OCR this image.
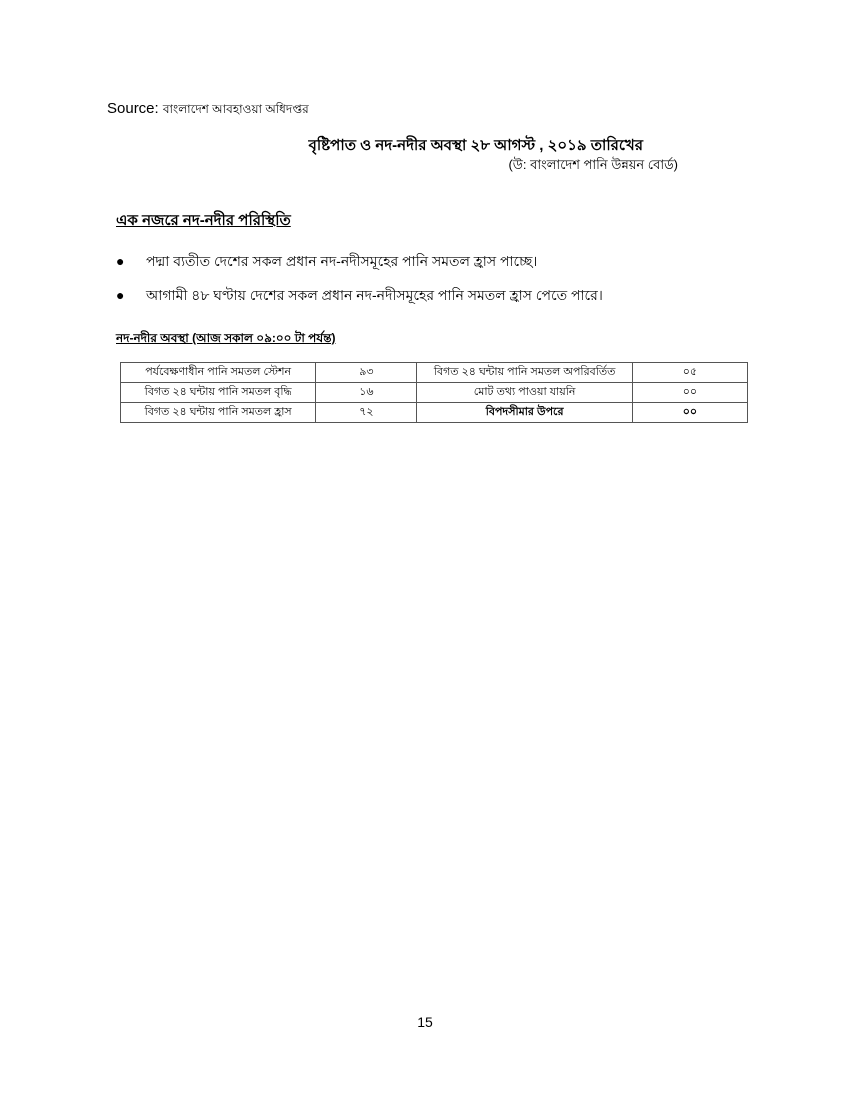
Source: বাংলাদেশ আবহাওয়া অধিদপ্তর
বৃষ্টিপাত ও নদ-নদীর অবস্থা ২৮ আগস্ট , ২০১৯ তারিখের
(উ: বাংলাদেশ পানি উন্নয়ন বোর্ড)
এক নজরে নদ-নদীর পরিস্থিতি
● পদ্মা ব্যতীত দেশের সকল প্রধান নদ-নদীসমূহের পানি সমতল হ্রাস পাচ্ছে।
● আগামী ৪৮ ঘণ্টায় দেশের সকল প্রধান নদ-নদীসমূহের পানি সমতল হ্রাস পেতে পারে।
নদ-নদীর অবস্থা (আজ সকাল ০৯:০০ টা পর্যন্ত)
পর্যবেক্ষণাধীন পানি সমতল স্টেশন	৯৩	বিগত ২৪ ঘন্টায় পানি সমতল অপরিবর্তিত	০৫
বিগত ২৪ ঘন্টায় পানি সমতল বৃদ্ধি	১৬	মোট তথ্য পাওয়া যায়নি	০০
বিগত ২৪ ঘন্টায় পানি সমতল হ্রাস	৭২	বিপদসীমার উপরে	০০
15
